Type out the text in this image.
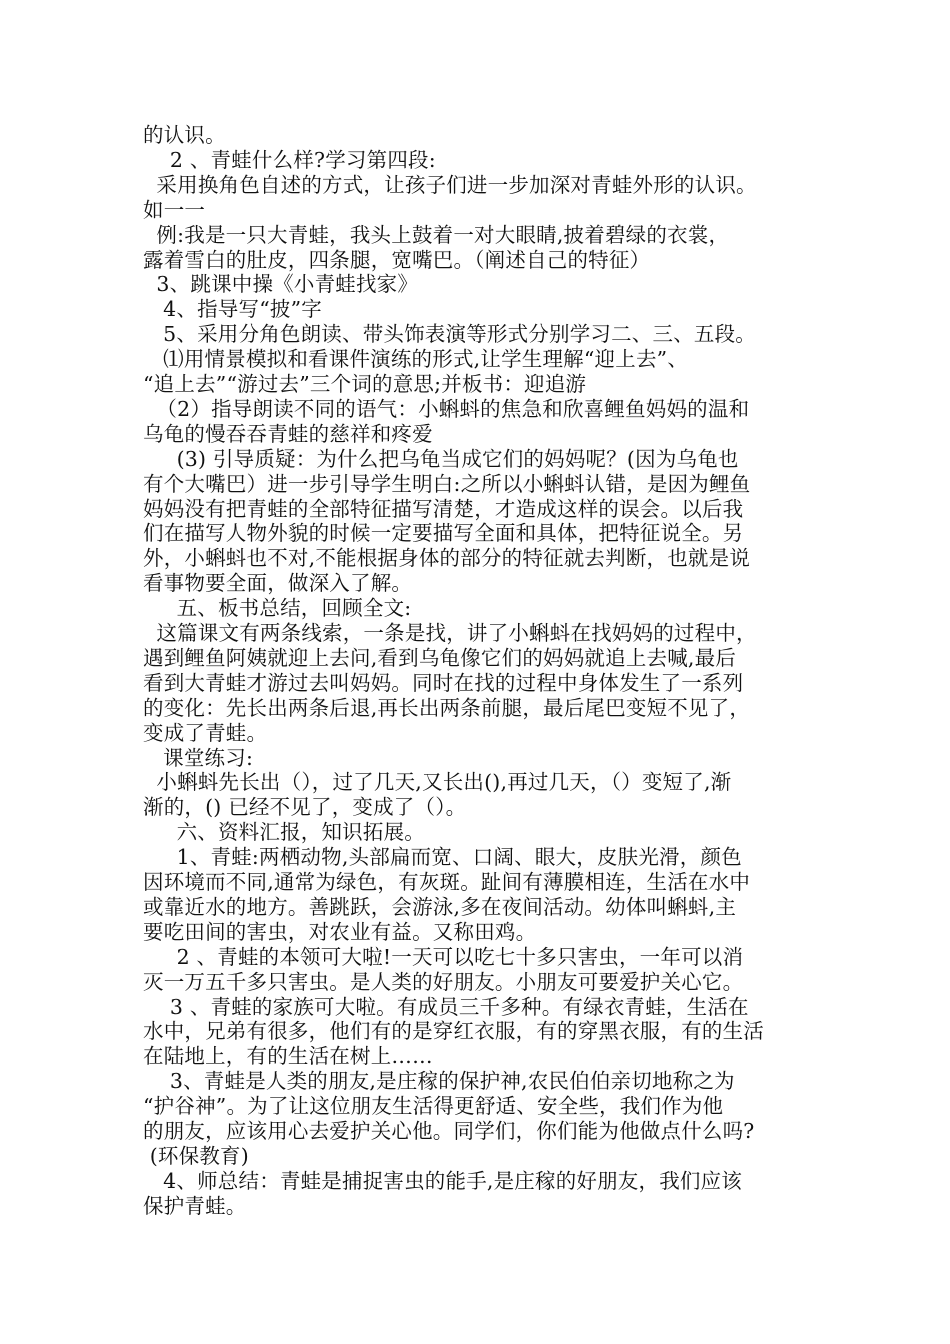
的认识。
2 、青蛙什么样?学习第四段:
采用换角色自述的方式，让孩子们进一步加深对青蛙外形的认识。
如一一
例:我是一只大青蛙，我头上鼓着一对大眼睛,披着碧绿的衣裳，
露着雪白的肚皮，四条腿，宽嘴巴。（阐述自己的特征）
3、跳课中操《小青蛙找家》
4、指导写“披”字
5、采用分角色朗读、带头饰表演等形式分别学习二、三、五段。
⑴用情景模拟和看课件演练的形式,让学生理解“迎上去”、
“追上去”“游过去”三个词的意思;并板书：迎追游
（2）指导朗读不同的语气：小蝌蚪的焦急和欣喜鲤鱼妈妈的温和
乌龟的慢吞吞青蛙的慈祥和疼爱
(3) 引导质疑：为什么把乌龟当成它们的妈妈呢？(因为乌龟也
有个大嘴巴）进一步引导学生明白:之所以小蝌蚪认错，是因为鲤鱼
妈妈没有把青蛙的全部特征描写清楚，才造成这样的误会。以后我
们在描写人物外貌的时候一定要描写全面和具体，把特征说全。另
外，小蝌蚪也不对,不能根据身体的部分的特征就去判断，也就是说
看事物要全面，做深入了解。
五、板书总结，回顾全文:
这篇课文有两条线索，一条是找，讲了小蝌蚪在找妈妈的过程中，
遇到鲤鱼阿姨就迎上去问,看到乌龟像它们的妈妈就追上去喊,最后
看到大青蛙才游过去叫妈妈。同时在找的过程中身体发生了一系列
的变化：先长出两条后退,再长出两条前腿，最后尾巴变短不见了，
变成了青蛙。
课堂练习:
小蝌蚪先长出（），过了几天,又长出(),再过几天，（）变短了,渐
渐的，() 已经不见了，变成了（）。
六、资料汇报，知识拓展。
1、青蛙:两栖动物,头部扁而宽、口阔、眼大，皮肤光滑，颜色
因环境而不同,通常为绿色，有灰斑。趾间有薄膜相连，生活在水中
或靠近水的地方。善跳跃，会游泳,多在夜间活动。幼体叫蝌蚪,主
要吃田间的害虫，对农业有益。又称田鸡。
2 、青蛙的本领可大啦!一天可以吃七十多只害虫，一年可以消
灭一万五千多只害虫。是人类的好朋友。小朋友可要爱护关心它。
3 、青蛙的家族可大啦。有成员三千多种。有绿衣青蛙，生活在
水中，兄弟有很多，他们有的是穿红衣服，有的穿黑衣服，有的生活
在陆地上，有的生活在树上……
3、青蛙是人类的朋友,是庄稼的保护神,农民伯伯亲切地称之为
“护谷神”。为了让这位朋友生活得更舒适、安全些，我们作为他
的朋友，应该用心去爱护关心他。同学们，你们能为他做点什么吗?
(环保教育)
4、师总结：青蛙是捕捉害虫的能手,是庄稼的好朋友，我们应该
保护青蛙。
